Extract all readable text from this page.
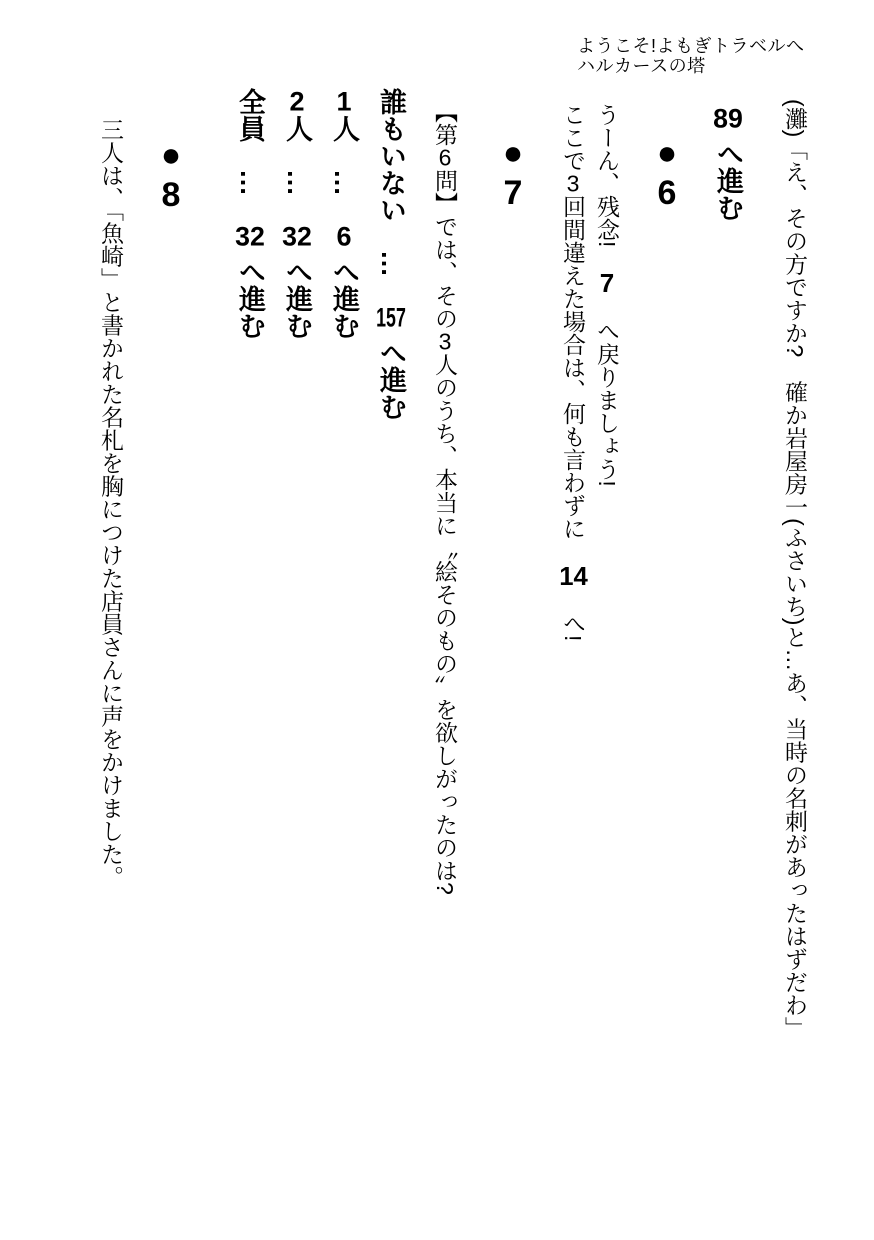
ようこそ!よもぎトラベルへ
ハルカースの塔

(灘)「え、その方ですか?　確か岩屋房一(ふさいち)と…あ、当時の名刺があったはずだわ」

89へ進む

●6

うーん、残念!　7　へ戻りましょう!

ここで3回間違えた場合は、何も言わずに　14　へ!

●7

【第6問】では、その3人のうち、本当に〝絵そのもの〟を欲しがったのは?

誰もいない　…　157へ進む

1人　…　6へ進む

2人　…　32へ進む

全員　…　32へ進む

●8

三人は、「魚崎」と書かれた名札を胸につけた店員さんに声をかけました。
